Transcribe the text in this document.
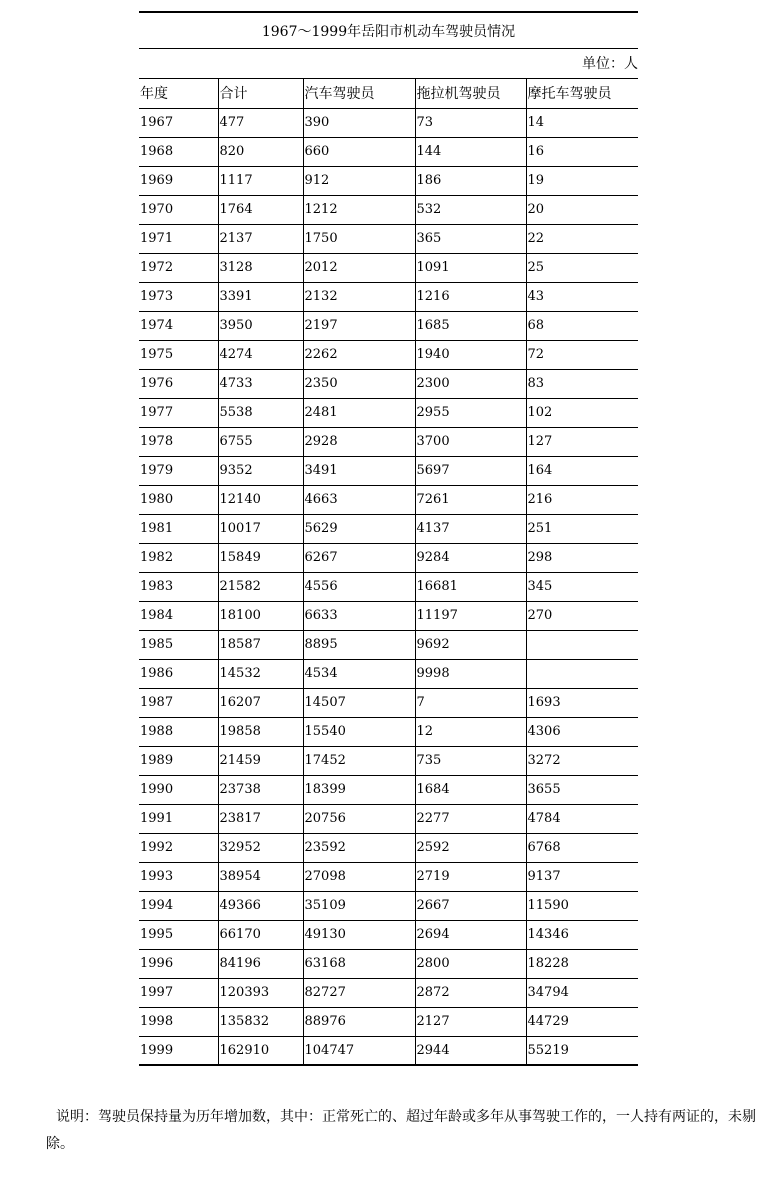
1967～1999年岳阳市机动车驾驶员情况
单位：人
年度	合计	汽车驾驶员	拖拉机驾驶员	摩托车驾驶员
1967	477	390	73	14
1968	820	660	144	16
1969	1117	912	186	19
1970	1764	1212	532	20
1971	2137	1750	365	22
1972	3128	2012	1091	25
1973	3391	2132	1216	43
1974	3950	2197	1685	68
1975	4274	2262	1940	72
1976	4733	2350	2300	83
1977	5538	2481	2955	102
1978	6755	2928	3700	127
1979	9352	3491	5697	164
1980	12140	4663	7261	216
1981	10017	5629	4137	251
1982	15849	6267	9284	298
1983	21582	4556	16681	345
1984	18100	6633	11197	270
1985	18587	8895	9692	
1986	14532	4534	9998	
1987	16207	14507	7	1693
1988	19858	15540	12	4306
1989	21459	17452	735	3272
1990	23738	18399	1684	3655
1991	23817	20756	2277	4784
1992	32952	23592	2592	6768
1993	38954	27098	2719	9137
1994	49366	35109	2667	11590
1995	66170	49130	2694	14346
1996	84196	63168	2800	18228
1997	120393	82727	2872	34794
1998	135832	88976	2127	44729
1999	162910	104747	2944	55219
说明：驾驶员保持量为历年增加数，其中：正常死亡的、超过年龄或多年从事驾驶工作的，一人持有两证的，未剔除。
